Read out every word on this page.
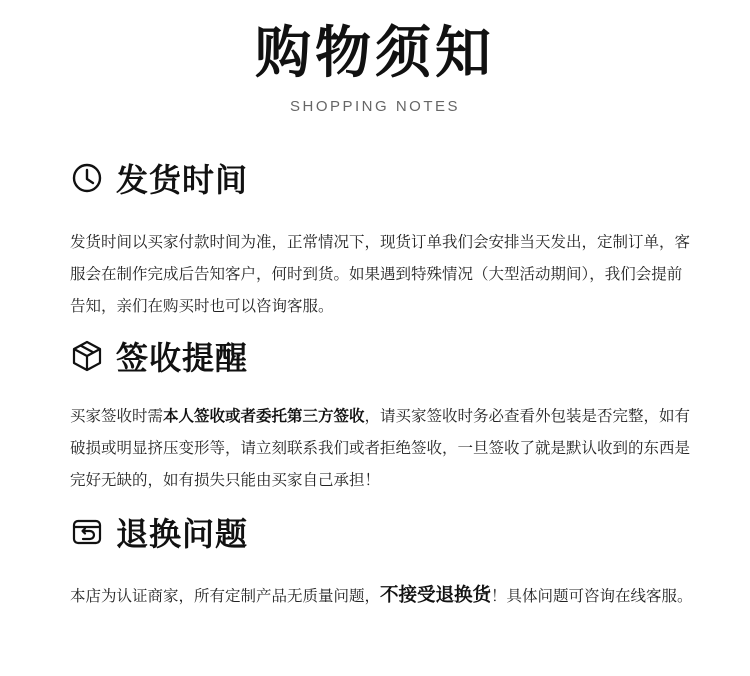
购物须知
SHOPPING NOTES
发货时间
发货时间以买家付款时间为准，正常情况下，现货订单我们会安排当天发出，定制订单，客服会在制作完成后告知客户，何时到货。如果遇到特殊情况（大型活动期间），我们会提前告知，亲们在购买时也可以咨询客服。
签收提醒
买家签收时需本人签收或者委托第三方签收，请买家签收时务必查看外包装是否完整，如有破损或明显挤压变形等，请立刻联系我们或者拒绝签收，一旦签收了就是默认收到的东西是完好无缺的，如有损失只能由买家自己承担！
退换问题
本店为认证商家，所有定制产品无质量问题，不接受退换货！具体问题可咨询在线客服。
